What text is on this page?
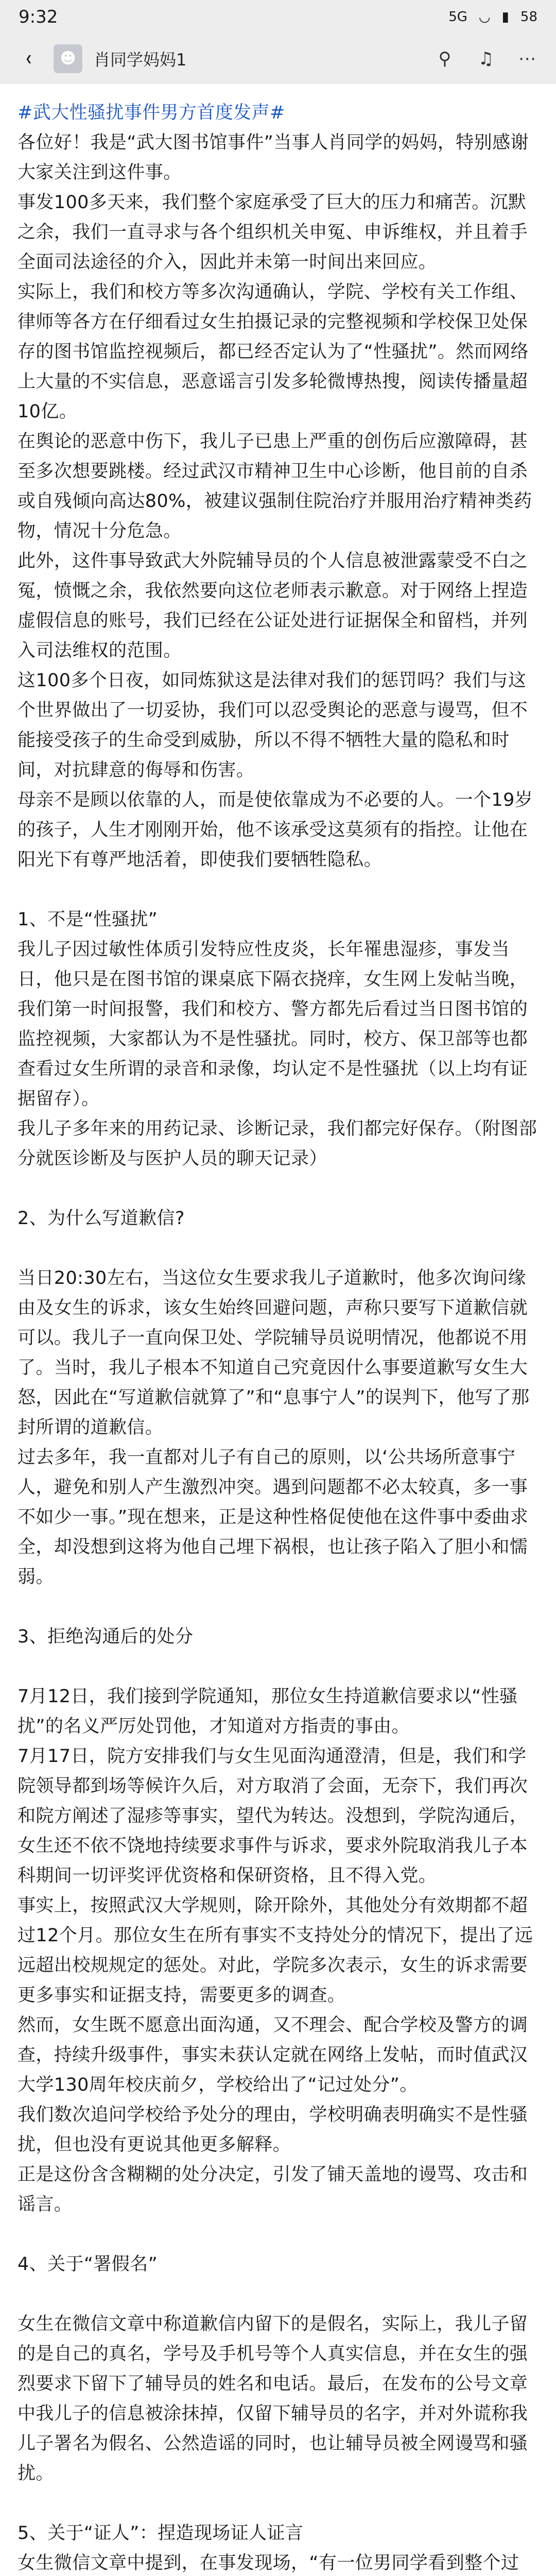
9:32	5G ◡ ▮ 58
❮	☻	肖同学妈妈1	⚲	♫	⋯

#武大性骚扰事件男方首度发声#

各位好！我是“武大图书馆事件”当事人肖同学的妈妈，特别感谢大家关注到这件事。

事发100多天来，我们整个家庭承受了巨大的压力和痛苦。沉默之余，我们一直寻求与各个组织机关申冤、申诉维权，并且着手全面司法途径的介入，因此并未第一时间出来回应。

实际上，我们和校方等多次沟通确认，学院、学校有关工作组、律师等各方在仔细看过女生拍摄记录的完整视频和学校保卫处保存的图书馆监控视频后，都已经否定认为了“性骚扰”。然而网络上大量的不实信息，恶意谣言引发多轮微博热搜，阅读传播量超10亿。

在舆论的恶意中伤下，我儿子已患上严重的创伤后应激障碍，甚至多次想要跳楼。经过武汉市精神卫生中心诊断，他目前的自杀或自残倾向高达80%，被建议强制住院治疗并服用治疗精神类药物，情况十分危急。

此外，这件事导致武大外院辅导员的个人信息被泄露蒙受不白之冤，愤慨之余，我依然要向这位老师表示歉意。对于网络上捏造虚假信息的账号，我们已经在公证处进行证据保全和留档，并列入司法维权的范围。

这100多个日夜，如同炼狱这是法律对我们的惩罚吗？我们与这个世界做出了一切妥协，我们可以忍受舆论的恶意与谩骂，但不能接受孩子的生命受到威胁，所以不得不牺牲大量的隐私和时间，对抗肆意的侮辱和伤害。

母亲不是顾以依靠的人，而是使依靠成为不必要的人。一个19岁的孩子，人生才刚刚开始，他不该承受这莫须有的指控。让他在阳光下有尊严地活着，即使我们要牺牲隐私。

1、不是“性骚扰”

我儿子因过敏性体质引发特应性皮炎，长年罹患湿疹，事发当日，他只是在图书馆的课桌底下隔衣挠痒，女生网上发帖当晚，我们第一时间报警，我们和校方、警方都先后看过当日图书馆的监控视频，大家都认为不是性骚扰。同时，校方、保卫部等也都查看过女生所谓的录音和录像，均认定不是性骚扰（以上均有证据留存）。

我儿子多年来的用药记录、诊断记录，我们都完好保存。（附图部分就医诊断及与医护人员的聊天记录）

2、为什么写道歉信?

当日20:30左右，当这位女生要求我儿子道歉时，他多次询问缘由及女生的诉求，该女生始终回避问题，声称只要写下道歉信就可以。我儿子一直向保卫处、学院辅导员说明情况，他都说不用了。当时，我儿子根本不知道自己究竟因什么事要道歉写女生大怒，因此在“写道歉信就算了”和“息事宁人”的误判下，他写了那封所谓的道歉信。

过去多年，我一直都对儿子有自己的原则，以‘公共场所意事宁人，避免和别人产生激烈冲突。遇到问题都不必太较真，多一事不如少一事。”现在想来，正是这种性格促使他在这件事中委曲求全，却没想到这将为他自己埋下祸根，也让孩子陷入了胆小和懦弱。

3、拒绝沟通后的处分

7月12日，我们接到学院通知，那位女生持道歉信要求以“性骚扰”的名义严厉处罚他，才知道对方指责的事由。

7月17日，院方安排我们与女生见面沟通澄清，但是，我们和学院领导都到场等候许久后，对方取消了会面，无奈下，我们再次和院方阐述了湿疹等事实，望代为转达。没想到，学院沟通后，女生还不依不饶地持续要求事件与诉求，要求外院取消我儿子本科期间一切评奖评优资格和保研资格，且不得入党。

事实上，按照武汉大学规则，除开除外，其他处分有效期都不超过12个月。那位女生在所有事实不支持处分的情况下，提出了远远超出校规规定的惩处。对此，学院多次表示，女生的诉求需要更多事实和证据支持，需要更多的调查。

然而，女生既不愿意出面沟通，又不理会、配合学校及警方的调查，持续升级事件，事实未获认定就在网络上发帖，而时值武汉大学130周年校庆前夕，学校给出了“记过处分”。

我们数次追问学校给予处分的理由，学校明确表明确实不是性骚扰，但也没有更说其他更多解释。

正是这份含含糊糊的处分决定，引发了铺天盖地的谩骂、攻击和谣言。

4、关于“署假名”

女生在微信文章中称道歉信内留下的是假名，实际上，我儿子留的是自己的真名，学号及手机号等个人真实信息，并在女生的强烈要求下留下了辅导员的姓名和电话。最后，在发布的公号文章中我儿子的信息被涂抹掉，仅留下辅导员的名字，并对外谎称我儿子署名为假名、公然造谣的同时，也让辅导员被全网谩骂和骚扰。

5、关于“证人”：捏造现场证人证言

女生微信文章中提到，在事发现场，“有一位男同学看到整个过
